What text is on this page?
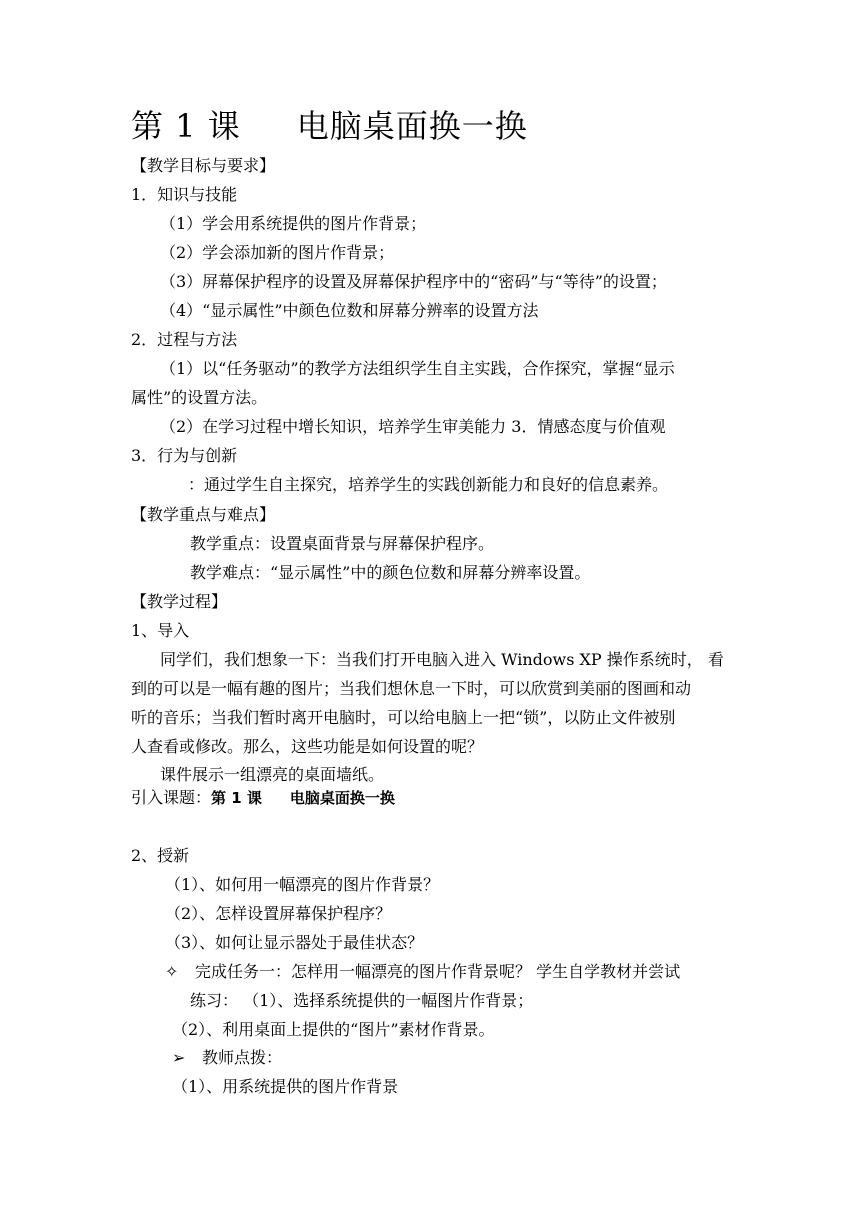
第 1 课 电脑桌面换一换
【教学目标与要求】
1．知识与技能
（1）学会用系统提供的图片作背景；
（2）学会添加新的图片作背景；
（3）屏幕保护程序的设置及屏幕保护程序中的“密码”与“等待”的设置；
（4）“显示属性”中颜色位数和屏幕分辨率的设置方法
2．过程与方法
（1）以“任务驱动”的教学方法组织学生自主实践，合作探究，掌握“显示
属性”的设置方法。
（2）在学习过程中增长知识，培养学生审美能力 3．情感态度与价值观
3．行为与创新
：通过学生自主探究，培养学生的实践创新能力和良好的信息素养。
【教学重点与难点】
教学重点：设置桌面背景与屏幕保护程序。
教学难点：“显示属性”中的颜色位数和屏幕分辨率设置。
【教学过程】
1、导入
同学们，我们想象一下：当我们打开电脑入进入 Windows XP 操作系统时， 看
到的可以是一幅有趣的图片；当我们想休息一下时，可以欣赏到美丽的图画和动
听的音乐；当我们暂时离开电脑时，可以给电脑上一把“锁”，以防止文件被别
人查看或修改。那么，这些功能是如何设置的呢？
课件展示一组漂亮的桌面墙纸。
引入课题：第 1 课 电脑桌面换一换
2、授新
（1）、如何用一幅漂亮的图片作背景？
（2）、怎样设置屏幕保护程序？
（3）、如何让显示器处于最佳状态？
✧ 完成任务一：怎样用一幅漂亮的图片作背景呢？ 学生自学教材并尝试
练习： （1）、选择系统提供的一幅图片作背景；
（2）、利用桌面上提供的“图片”素材作背景。
➢ 教师点拨：
（1）、用系统提供的图片作背景
